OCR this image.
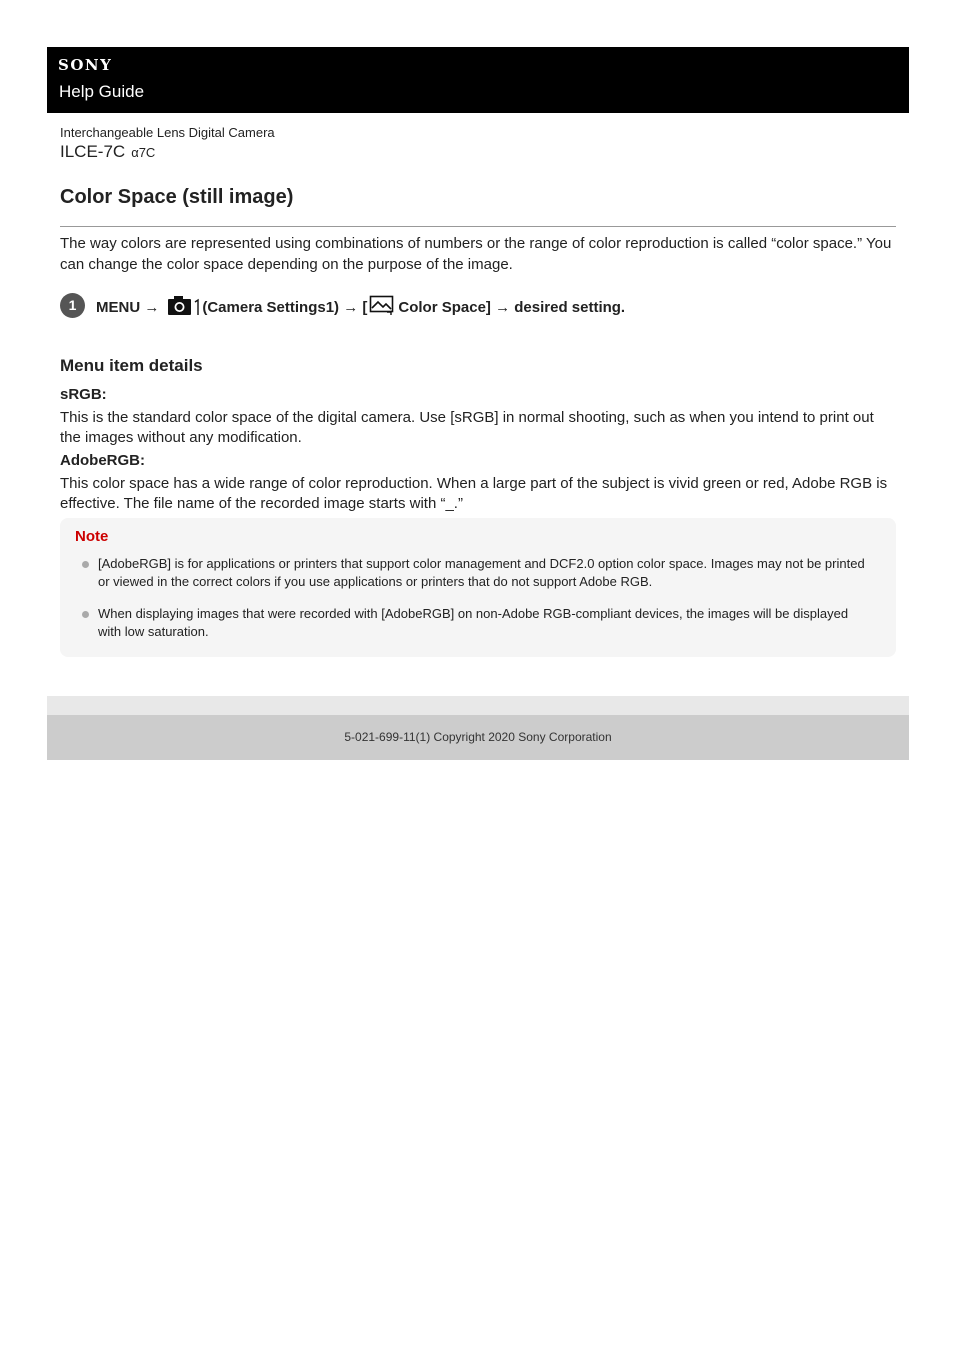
SONY
Help Guide
Interchangeable Lens Digital Camera
ILCE-7C α7C
Color Space (still image)

The way colors are represented using combinations of numbers or the range of color reproduction is called “color space.” You can change the color space depending on the purpose of the image.

1	MENU →	(Camera Settings1) → [ Color Space] → desired setting.
Menu item details
sRGB:

This is the standard color space of the digital camera. Use [sRGB] in normal shooting, such as when you intend to print out the images without any modification.

AdobeRGB:

This color space has a wide range of color reproduction. When a large part of the subject is vivid green or red, Adobe RGB is effective. The file name of the recorded image starts with “_.”

Note
[AdobeRGB] is for applications or printers that support color management and DCF2.0 option color space. Images may not be printed or viewed in the correct colors if you use applications or printers that do not support Adobe RGB.
When displaying images that were recorded with [AdobeRGB] on non-Adobe RGB-compliant devices, the images will be displayed with low saturation.
5-021-699-11(1) Copyright 2020 Sony Corporation
